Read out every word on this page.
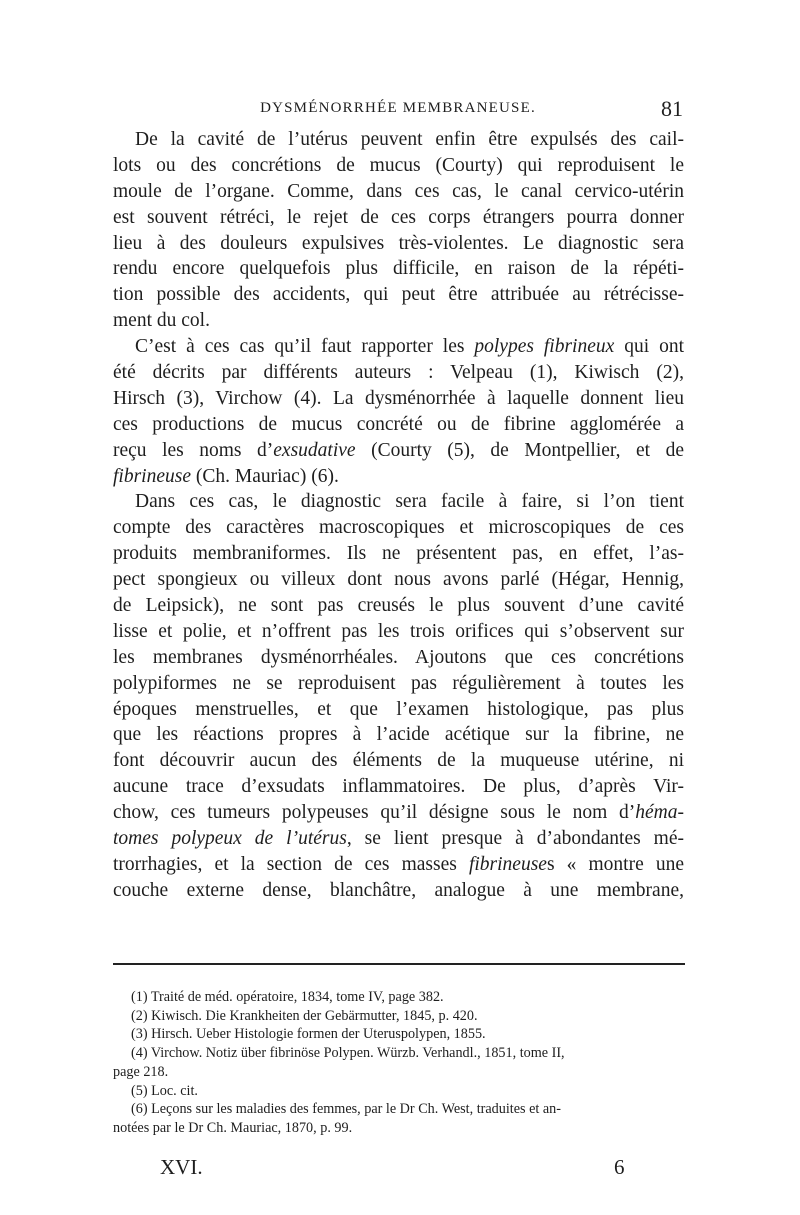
DYSMÉNORRHÉE MEMBRANEUSE.	81
De la cavité de l’utérus peuvent enfin être expulsés des cail-
lots ou des concrétions de mucus (Courty) qui reproduisent le
moule de l’organe. Comme, dans ces cas, le canal cervico-utérin
est souvent rétréci, le rejet de ces corps étrangers pourra donner
lieu à des douleurs expulsives très-violentes. Le diagnostic sera
rendu encore quelquefois plus difficile, en raison de la répéti-
tion possible des accidents, qui peut être attribuée au rétrécisse-
ment du col.
C’est à ces cas qu’il faut rapporter les polypes fibrineux qui ont
été décrits par différents auteurs : Velpeau (1), Kiwisch (2),
Hirsch (3), Virchow (4). La dysménorrhée à laquelle donnent lieu
ces productions de mucus concrété ou de fibrine agglomérée a
reçu les noms d’exsudative (Courty (5), de Montpellier, et de
fibrineuse (Ch. Mauriac) (6).
Dans ces cas, le diagnostic sera facile à faire, si l’on tient
compte des caractères macroscopiques et microscopiques de ces
produits membraniformes. Ils ne présentent pas, en effet, l’as-
pect spongieux ou villeux dont nous avons parlé (Hégar, Hennig,
de Leipsick), ne sont pas creusés le plus souvent d’une cavité
lisse et polie, et n’offrent pas les trois orifices qui s’observent sur
les membranes dysménorrhéales. Ajoutons que ces concrétions
polypiformes ne se reproduisent pas régulièrement à toutes les
époques menstruelles, et que l’examen histologique, pas plus
que les réactions propres à l’acide acétique sur la fibrine, ne
font découvrir aucun des éléments de la muqueuse utérine, ni
aucune trace d’exsudats inflammatoires. De plus, d’après Vir-
chow, ces tumeurs polypeuses qu’il désigne sous le nom d’héma-
tomes polypeux de l’utérus, se lient presque à d’abondantes mé-
trorrhagies, et la section de ces masses fibrineuses « montre une
couche externe dense, blanchâtre, analogue à une membrane,
(1) Traité de méd. opératoire, 1834, tome IV, page 382.
(2) Kiwisch. Die Krankheiten der Gebärmutter, 1845, p. 420.
(3) Hirsch. Ueber Histologie formen der Uteruspolypen, 1855.
(4) Virchow. Notiz über fibrinöse Polypen. Würzb. Verhandl., 1851, tome II,
page 218.
(5) Loc. cit.
(6) Leçons sur les maladies des femmes, par le Dr Ch. West, traduites et an-
notées par le Dr Ch. Mauriac, 1870, p. 99.
XVI.	6
